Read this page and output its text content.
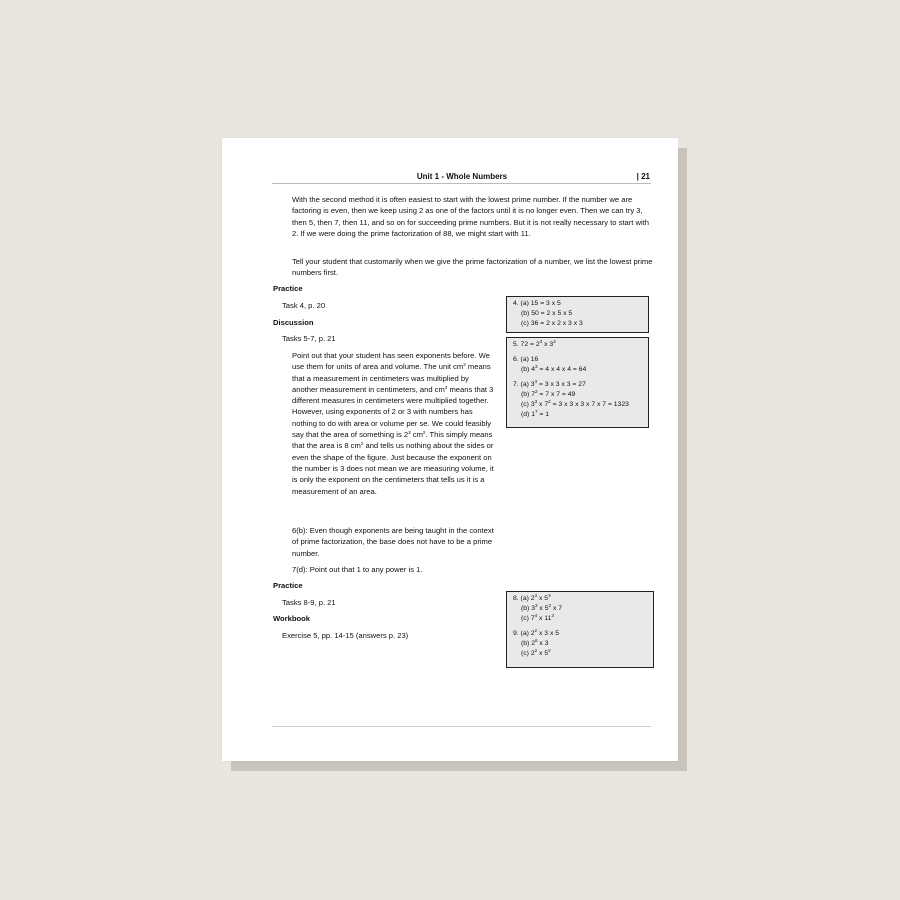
Unit 1 - Whole Numbers	| 21
With the second method it is often easiest to start with the lowest prime number. If the number we are factoring is even, then we keep using 2 as one of the factors until it is no longer even. Then we can try 3, then 5, then 7, then 11, and so on for succeeding prime numbers. But it is not really necessary to start with 2. If we were doing the prime factorization of 88, we might start with 11.
Tell your student that customarily when we give the prime factorization of a number, we list the lowest prime numbers first.
Practice
Task 4, p. 20
Discussion
Tasks 5-7, p. 21
Point out that your student has seen exponents before. We use them for units of area and volume. The unit $cm^2$ means that a measurement in centimeters was multiplied by another measurement in centimeters, and $cm^3$ means that 3 different measures in centimeters were multiplied together. However, using exponents of 2 or 3 with numbers has nothing to do with area or volume per se. We could feasibly say that the area of something is $2^3$ $cm^2$. This simply means that the area is 8 $cm^2$ and tells us nothing about the sides or even the shape of the figure. Just because the exponent on the number is 3 does not mean we are measuring volume, it is only the exponent on the centimeters that tells us it is a measurement of an area.
6(b): Even though exponents are being taught in the context of prime factorization, the base does not have to be a prime number.
7(d): Point out that 1 to any power is 1.
Practice
Tasks 8-9, p. 21
Workbook
Exercise 5, pp. 14-15 (answers p. 23)
4. (a) 15 = 3 x 5
(b) 50 = 2 x 5 x 5
(c) 36 = 2 x 2 x 3 x 3
5. $72 = 2^3$ x $3^2$
6. (a) 16
(b) $4^3 = 4$ x 4 x 4 = 64
7. (a) $3^3 = 3$ x 3 x 3 = 27
(b) $7^2 = 7$ x 7 = 49
(c) $3^3$ x $7^2 = 3$ x 3 x 3 x 7 x 7 = 1323
(d) $1^7 = 1$
8. (a) $2^3$ x $5^3$
(b) $3^3$ x $5^2$ x 7
(c) $7^4$ x $11^3$
9. (a) $2^2$ x 3 x 5
(b) $2^6$ x 3
(c) $2^2$ x $5^2$
